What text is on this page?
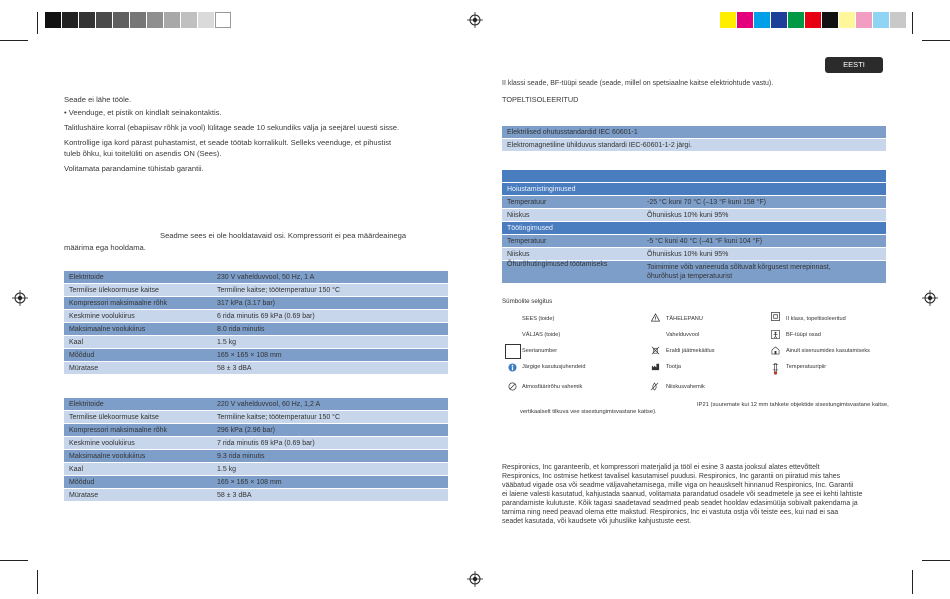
EESTI
Seade ei lähe tööle.
• Veenduge, et pistik on kindlalt seinakontaktis.
Talitlushäire korral (ebapiisav rõhk ja vool) lülitage seade 10 sekundiks välja ja seejärel uuesti sisse.
Kontrollige iga kord pärast puhastamist, et seade töötab korralikult. Selleks veenduge, et pihustist
tuleb õhku, kui toitelüliti on asendis ON (Sees).
Volitamata parandamine tühistab garantii.
Seadme sees ei ole hooldatavaid osi. Kompressorit ei pea määrdeainega
määrima ega hooldama.
Elektritoide	230 V vahelduvvool, 50 Hz, 1 A
Termilise ülekoormuse kaitse	Termiline kaitse; töötemperatuur 150 °C
Kompressori maksimaalne rõhk	317 kPa (3.17 bar)
Keskmine voolukiirus	6 rida minutis 69 kPa (0.69 bar)
Maksimaalne voolukiirus	8.0 rida minutis
Kaal	1.5 kg
Mõõdud	165 × 165 × 108 mm
Müratase	58 ± 3 dBA
Elektritoide	220 V vahelduvvool, 60 Hz, 1,2 A
Termilise ülekoormuse kaitse	Termiline kaitse; töötemperatuur 150 °C
Kompressori maksimaalne rõhk	296 kPa (2.96 bar)
Keskmine voolukiirus	7 rida minutis 69 kPa (0.69 bar)
Maksimaalne voolukiirus	9.3 rida minutis
Kaal	1.5 kg
Mõõdud	165 × 165 × 108 mm
Müratase	58 ± 3 dBA
II klassi seade, BF-tüüpi seade (seade, millel on spetsiaalne kaitse elektriohtude vastu).
TOPELTISOLEERITUD
Elektrilised ohutusstandardid IEC 60601-1
Elektromagnetiline ühilduvus standardi IEC-60601-1-2 järgi.

Hoiustamistingimused	
Temperatuur	-25 °C kuni 70 °C (–13 °F kuni 158 °F)
Niiskus	Õhuniiskus 10% kuni 95%
Töötingimused	
Temperatuur	-5 °C kuni 40 °C (–41 °F kuni 104 °F)
Niiskus	Õhuniiskus 10% kuni 95%
Õhurõhutingimused töötamiseks	Toimimine võib varieeruda sõltuvalt kõrgusest merepinnast,
õhurõhust ja temperatuurist
Sümbolite selgitus
SEES (toide)
VÄLJAS (toide)
Seerianumber
Järgige kasutusjuhendeid
Atmosfäärirõhu vahemik
TÄHELEPANU
Vahelduvvool
Eraldi jäätmekäitlus
Tootja
Niiskusvahemik
II klass, topeltisoleeritud
BF-tüüpi osad
Ainult siseruumides kasutamiseks
Temperatuuripiir
IP21 (suuremate kui 12 mm tahkete objektide sisestungimisvastane kaitse,
vertikaalselt tilkuva vee sisestungimisvastane kaitse).
Respironics, Inc garanteerib, et kompressori materjalid ja tööl ei esine 3 aasta jooksul alates ettevõttelt
Respironics, Inc ostmise hetkest tavalisel kasutamisel puudusi. Respironics, Inc garantii on piiratud mis tahes
vääbatud vigade osa või seadme väljavahetamisega, mille viga on heauskselt hinnanud Respironics, Inc. Garantii
ei laiene valesti kasutatud, kahjustada saanud, volitamata parandatud osadele või seadmetele ja see ei kehti lahtiste
parandamiste kulutuste. Kõik tagasi saadetavad seadmed peab seadet hooldav edasimüüja sobivalt pakendama ja
tarnima ning need peavad olema ette makstud. Respironics, Inc ei vastuta ostja või teiste ees, kui nad ei saa
seadet kasutada, või kaudsete või juhuslike kahjustuste eest.
